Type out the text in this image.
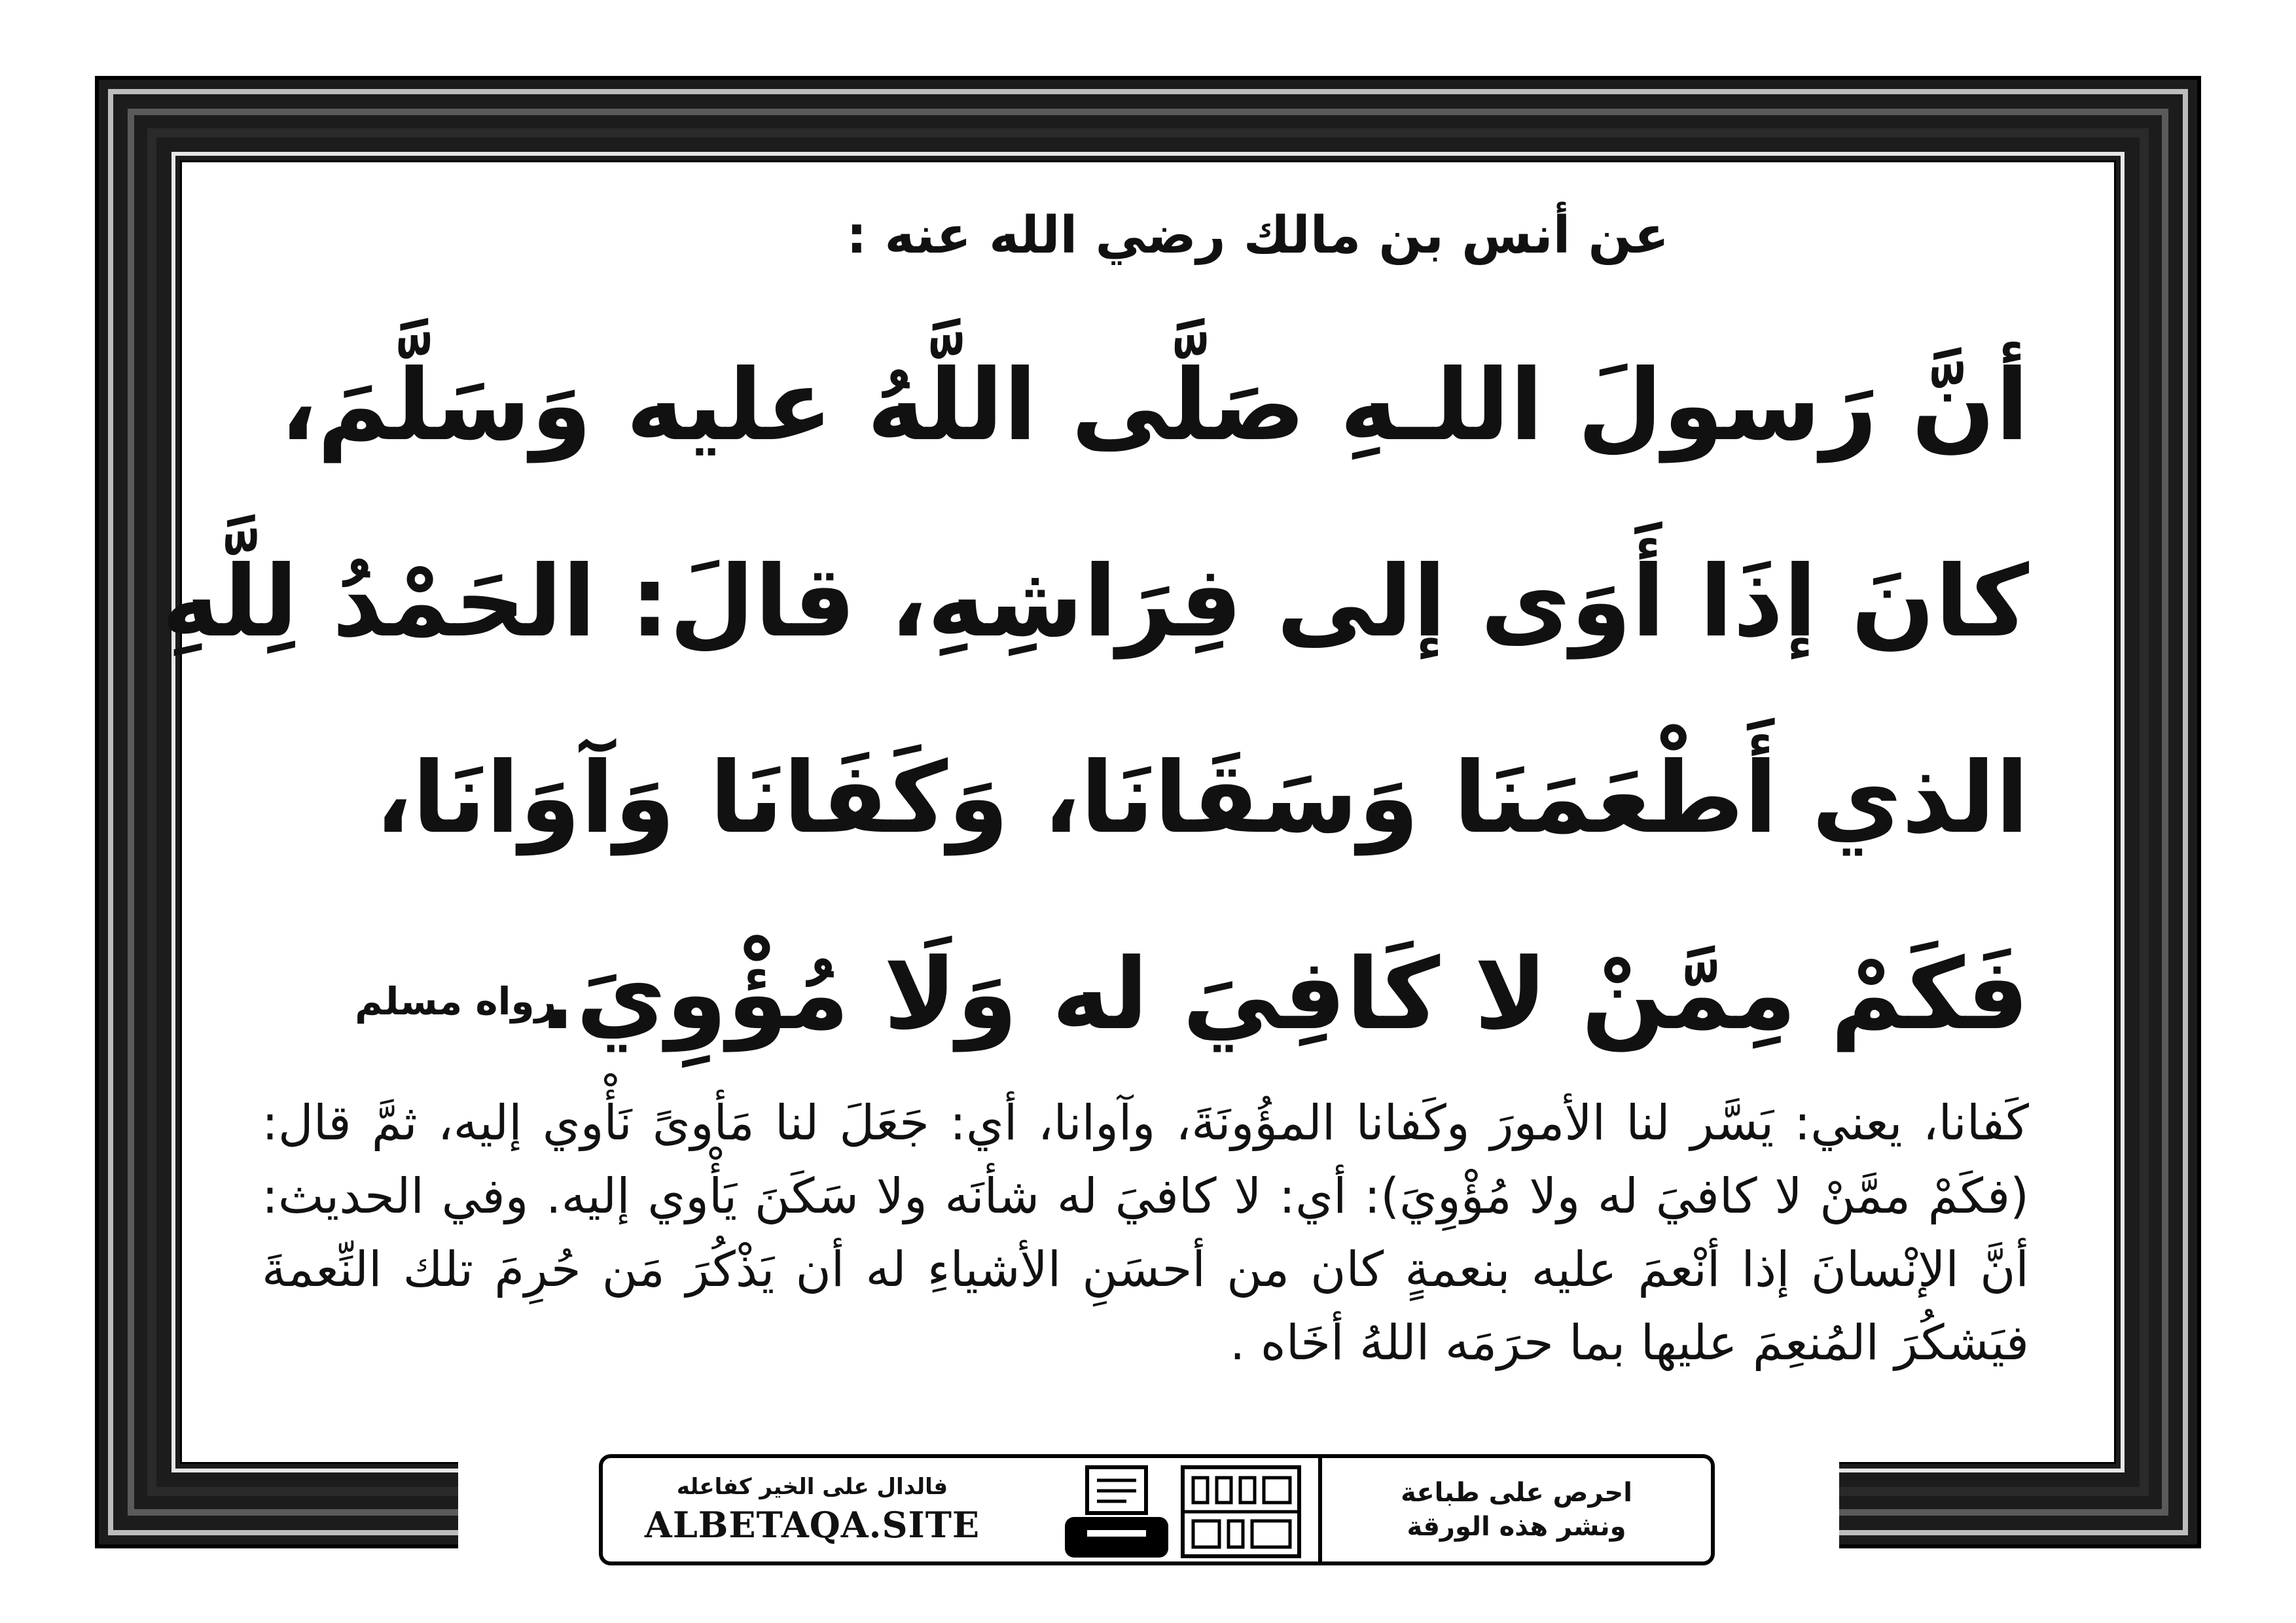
عن أنس بن مالك رضي الله عنه :
أنَّ رَسولَ اللـهِ صَلَّى اللَّهُ عليه وَسَلَّمَ،
كانَ إذَا أَوَى إلى فِرَاشِهِ، قالَ: الحَمْدُ لِلَّهِ
الذي أَطْعَمَنَا وَسَقَانَا، وَكَفَانَا وَآوَانَا،
فَكَمْ مِمَّنْ لا كَافِيَ له وَلَا مُؤْوِيَ.
رواه مسلم
كَفانا، يعني: يَسَّر لنا الأمورَ وكَفانا المؤُونَةَ، وآوانا، أي: جَعَلَ لنا مَأوىً نَأْوي إليه، ثمَّ قال: (فكَمْ ممَّنْ لا كافيَ له ولا مُؤْوِيَ): أي: لا كافيَ له شأنَه ولا سَكَنَ يَأْوي إليه. وفي الحديث: أنَّ الإنْسانَ إذا أنْعمَ عليه بنعمةٍ كان من أحسَنِ الأشياءِ له أن يَذْكُرَ مَن حُرِمَ تلك النِّعمةَ فيَشكُرَ المُنعِمَ عليها بما حرَمَه اللهُ أخَاه .
فالدال على الخير كفاعله
ALBETAQA.SITE
احرص على طباعة
ونشر هذه الورقة
